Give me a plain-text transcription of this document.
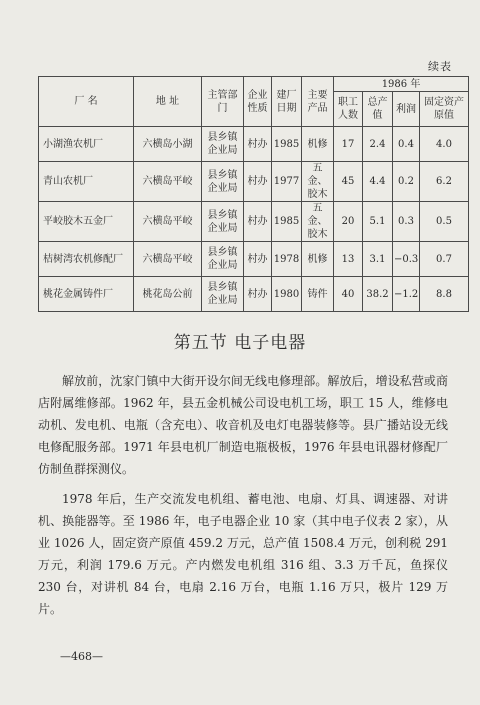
续表
厂 名	地 址	主管部门	企业性质	建厂日期	主要产品	1986 年			
						职工人数	总产值	利润	固定资产原值
小湖渔农机厂	六横岛小湖	县乡镇企业局	村办	1985	机修	17	2.4	0.4	4.0
青山农机厂	六横岛平峧	县乡镇企业局	村办	1977	五金、胶木	45	4.4	0.2	6.2
平峧胶木五金厂	六横岛平峧	县乡镇企业局	村办	1985	五金、胶木	20	5.1	0.3	0.5
桔树湾农机修配厂	六横岛平峧	县乡镇企业局	村办	1978	机修	13	3.1	−0.3	0.7
桃花金属铸件厂	桃花岛公前	县乡镇企业局	村办	1980	铸件	40	38.2	−1.2	8.8
第五节 电子电器

解放前，沈家门镇中大街开设尔间无线电修理部。解放后，增设私营或商店附属维修部。1962 年，县五金机械公司设电机工场，职工 15 人，维修电动机、发电机、电瓶（含充电）、收音机及电灯电器装修等。县广播站设无线电修配服务部。1971 年县电机厂制造电瓶极板，1976 年县电讯器材修配厂仿制鱼群探测仪。

1978 年后，生产交流发电机组、蓄电池、电扇、灯具、调速器、对讲机、换能器等。至 1986 年，电子电器企业 10 家（其中电子仪表 2 家），从业 1026 人，固定资产原值 459.2 万元，总产值 1508.4 万元，创利税 291 万元，利润 179.6 万元。产内燃发电机组 316 组、3.3 万千瓦，鱼探仪 230 台，对讲机 84 台，电扇 2.16 万台，电瓶 1.16 万只，极片 129 万片。

—468—
